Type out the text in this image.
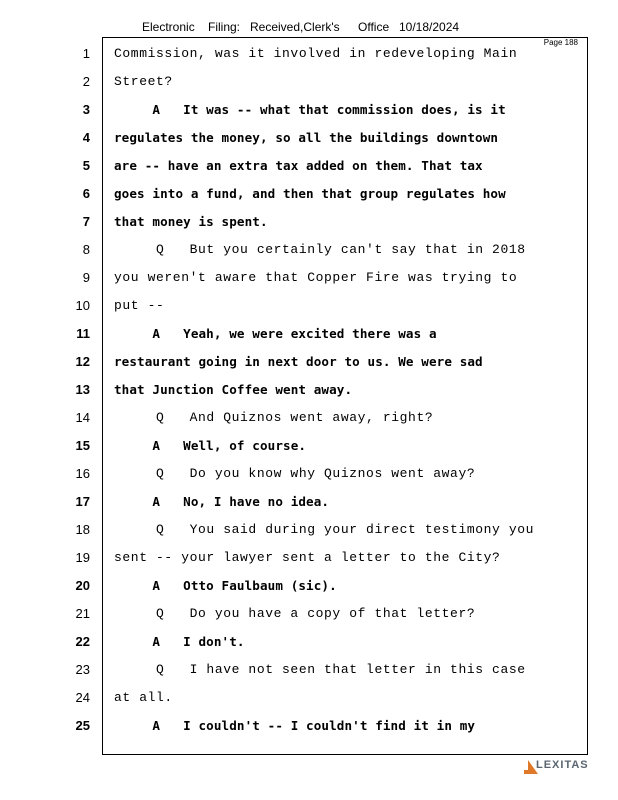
Electronic Filing: Received,Clerk's Office 10/18/2024
Page 188
1 Commission, was it involved in redeveloping Main
2 Street?
3 A   It was -- what that commission does, is it
4 regulates the money, so all the buildings downtown
5 are -- have an extra tax added on them. That tax
6 goes into a fund, and then that group regulates how
7 that money is spent.
8 Q   But you certainly can't say that in 2018
9 you weren't aware that Copper Fire was trying to
10 put --
11 A   Yeah, we were excited there was a
12 restaurant going in next door to us. We were sad
13 that Junction Coffee went away.
14 Q   And Quiznos went away, right?
15 A   Well, of course.
16 Q   Do you know why Quiznos went away?
17 A   No, I have no idea.
18 Q   You said during your direct testimony you
19 sent -- your lawyer sent a letter to the City?
20 A   Otto Faulbaum (sic).
21 Q   Do you have a copy of that letter?
22 A   I don't.
23 Q   I have not seen that letter in this case
24 at all.
25 A   I couldn't -- I couldn't find it in my
LEXITAS
